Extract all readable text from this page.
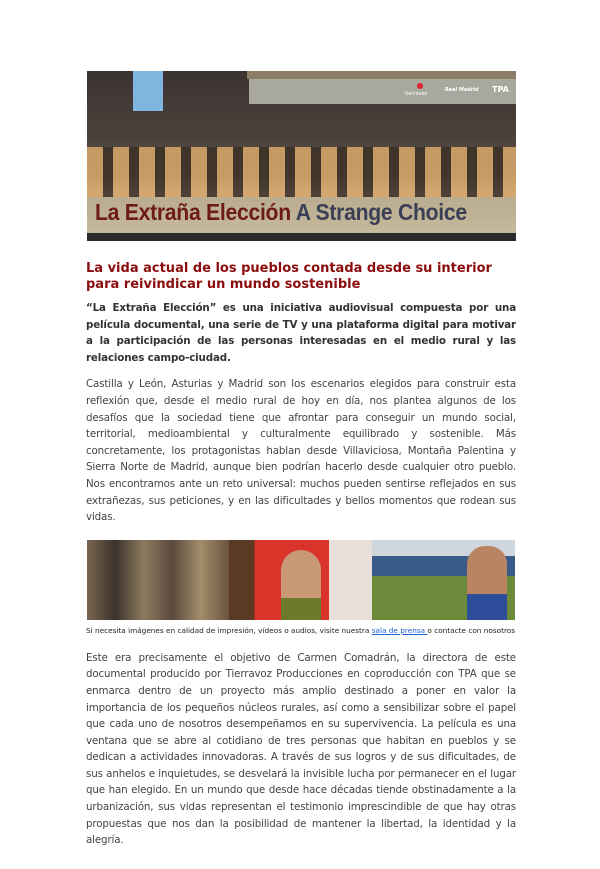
tierravoz
Real Madrid TPA
La Extraña Elección A Strange Choice
La vida actual de los pueblos contada desde su interior para reivindicar un mundo sostenible

“La Extraña Elección” es una iniciativa audiovisual compuesta por una película documental, una serie de TV y una plataforma digital para motivar a la participación de las personas interesadas en el medio rural y las relaciones campo-ciudad.

Castilla y León, Asturias y Madrid son los escenarios elegidos para construir esta reflexión que, desde el medio rural de hoy en día, nos plantea algunos de los desafíos que la sociedad tiene que afrontar para conseguir un mundo social, territorial, medioambiental y culturalmente equilibrado y sostenible. Más concretamente, los protagonistas hablan desde Villaviciosa, Montaña Palentina y Sierra Norte de Madrid, aunque bien podrían hacerlo desde cualquier otro pueblo. Nos encontramos ante un reto universal: muchos pueden sentirse reflejados en sus extrañezas, sus peticiones, y en las dificultades y bellos momentos que rodean sus vidas.

Si necesita imágenes en calidad de impresión, vídeos o audios, visite nuestra sala de prensa o contacte con nosotros

Este era precisamente el objetivo de Carmen Comadrán, la directora de este documental producido por Tierravoz Producciones en coproducción con TPA que se enmarca dentro de un proyecto más amplio destinado a poner en valor la importancia de los pequeños núcleos rurales, así como a sensibilizar sobre el papel que cada uno de nosotros desempeñamos en su supervivencia. La película es una ventana que se abre al cotidiano de tres personas que habitan en pueblos y se dedican a actividades innovadoras. A través de sus logros y de sus dificultades, de sus anhelos e inquietudes, se desvelará la invisible lucha por permanecer en el lugar que han elegido. En un mundo que desde hace décadas tiende obstinadamente a la urbanización, sus vidas representan el testimonio imprescindible de que hay otras propuestas que nos dan la posibilidad de mantener la libertad, la identidad y la alegría.
